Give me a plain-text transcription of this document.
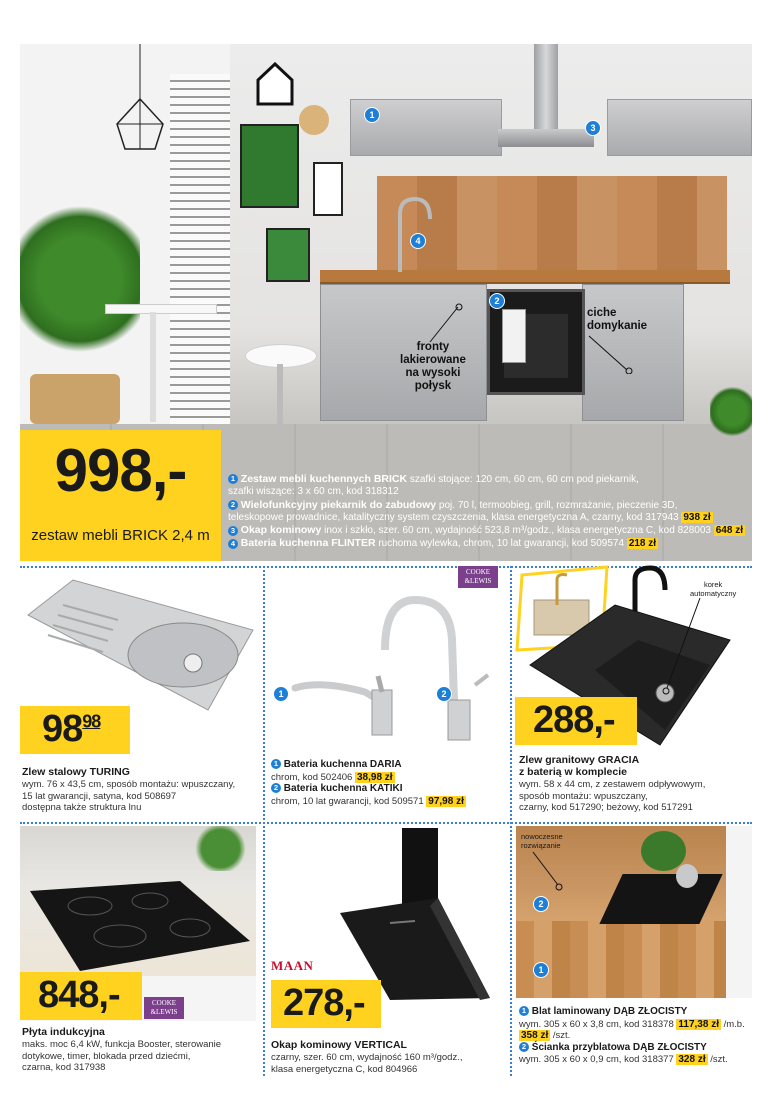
1
3
4
2
fronty
lakierowane
na wysoki
połysk
ciche
domykanie
998,-
zestaw mebli BRICK 2,4 m
1 Zestaw mebli kuchennych BRICK szafki stojące: 120 cm, 60 cm, 60 cm pod piekarnik,
szafki wiszące: 3 x 60 cm, kod 318312
2 Wielofunkcyjny piekarnik do zabudowy poj. 70 l, termoobieg, grill, rozmrażanie, pieczenie 3D,
teleskopowe prowadnice, katalityczny system czyszczenia, klasa energetyczna A, czarny, kod 317943 938 zł
3 Okap kominowy inox i szkło, szer. 60 cm, wydajność 523,8 m³/godz., klasa energetyczna C, kod 828003 648 zł
4 Bateria kuchenna FLINTER ruchoma wylewka, chrom, 10 lat gwarancji, kod 509574 218 zł
$98^{98}$
Zlew stalowy TURING
wym. 76 x 43,5 cm, sposób montażu: wpuszczany,
15 lat gwarancji, satyna, kod 508697
dostępna także struktura lnu
COOKE
&LEWIS
1	2
1 Bateria kuchenna DARIA
chrom, kod 502406 38,98 zł
2 Bateria kuchenna KATIKI
chrom, 10 lat gwarancji, kod 509571 97,98 zł
korek
automatyczny
288,-
Zlew granitowy GRACIA
z baterią w komplecie
wym. 58 x 44 cm, z zestawem odpływowym,
sposób montażu: wpuszczany,
czarny, kod 517290; beżowy, kod 517291
848,-	COOKE
&LEWIS
Płyta indukcyjna
maks. moc 6,4 kW, funkcja Booster, sterowanie
dotykowe, timer, blokada przed dziećmi,
czarna, kod 317938
MAAN
278,-
Okap kominowy VERTICAL
czarny, szer. 60 cm, wydajność 160 m³/godz.,
klasa energetyczna C, kod 804966
nowoczesne
rozwiązanie
2
1
1 Blat laminowany DĄB ZŁOCISTY
wym. 305 x 60 x 3,8 cm, kod 318378 117,38 zł /m.b.
358 zł /szt.
2 Ścianka przyblatowa DĄB ZŁOCISTY
wym. 305 x 60 x 0,9 cm, kod 318377 328 zł /szt.
